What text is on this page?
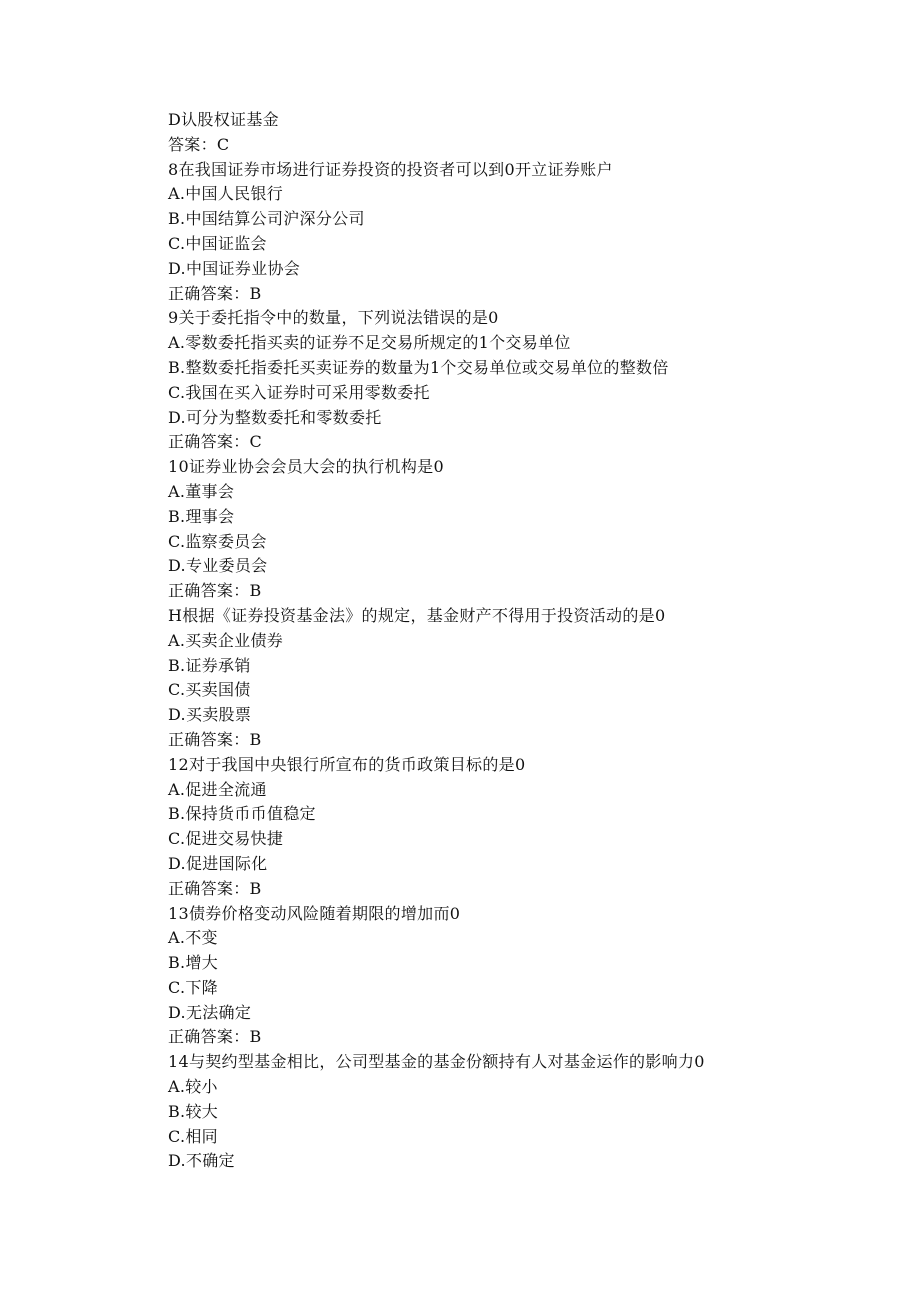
D认股权证基金
答案：C
8在我国证券市场进行证券投资的投资者可以到0开立证券账户
A.中国人民银行
B.中国结算公司沪深分公司
C.中国证监会
D.中国证券业协会
正确答案：B
9关于委托指令中的数量，下列说法错误的是0
A.零数委托指买卖的证券不足交易所规定的1个交易单位
B.整数委托指委托买卖证券的数量为1个交易单位或交易单位的整数倍
C.我国在买入证券时可采用零数委托
D.可分为整数委托和零数委托
正确答案：C
10证券业协会会员大会的执行机构是0
A.董事会
B.理事会
C.监察委员会
D.专业委员会
正确答案：B
H根据《证券投资基金法》的规定，基金财产不得用于投资活动的是0
A.买卖企业债券
B.证券承销
C.买卖国债
D.买卖股票
正确答案：B
12对于我国中央银行所宣布的货币政策目标的是0
A.促进全流通
B.保持货币币值稳定
C.促进交易快捷
D.促进国际化
正确答案：B
13债券价格变动风险随着期限的增加而0
A.不变
B.增大
C.下降
D.无法确定
正确答案：B
14与契约型基金相比，公司型基金的基金份额持有人对基金运作的影响力0
A.较小
B.较大
C.相同
D.不确定
